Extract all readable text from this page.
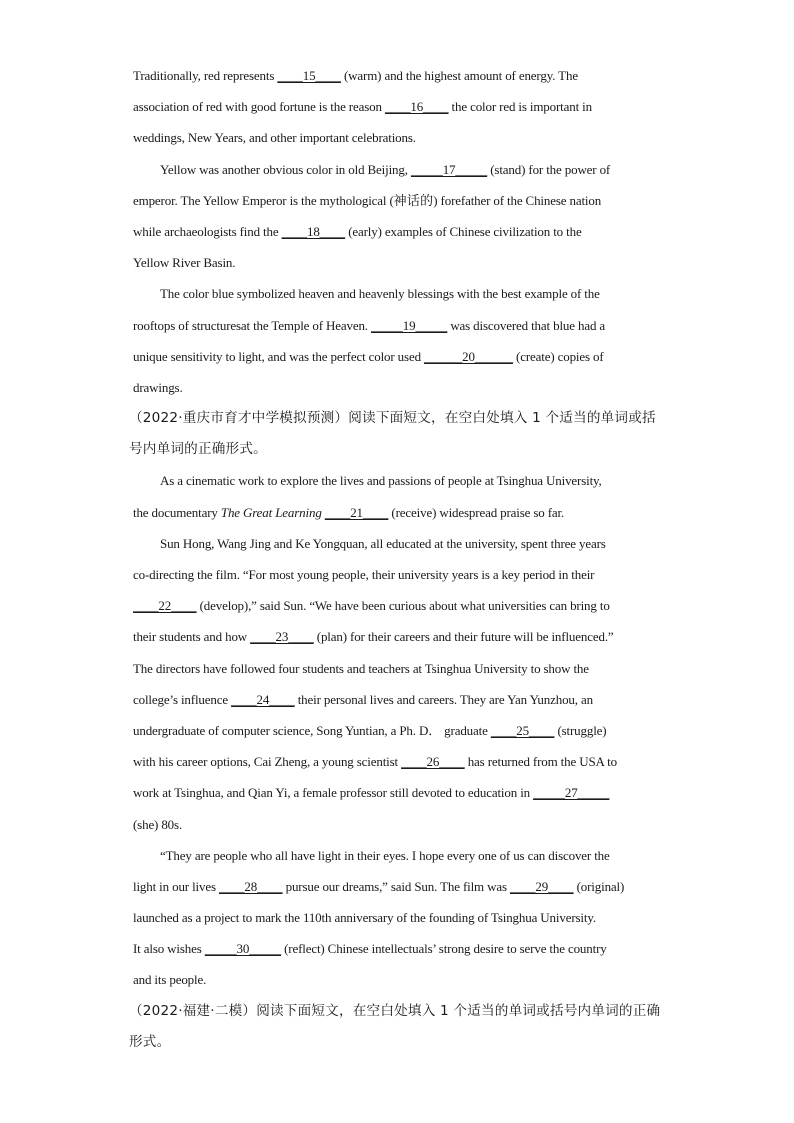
Traditionally, red represents ____15____ (warm) and the highest amount of energy. The
association of red with good fortune is the reason ____16____ the color red is important in
weddings, New Years, and other important celebrations.
Yellow was another obvious color in old Beijing, _____17_____ (stand) for the power of
emperor. The Yellow Emperor is the mythological (神话的) forefather of the Chinese nation
while archaeologists find the ____18____ (early) examples of Chinese civilization to the
Yellow River Basin.
The color blue symbolized heaven and heavenly blessings with the best example of the
rooftops of structuresat the Temple of Heaven. _____19_____ was discovered that blue had a
unique sensitivity to light, and was the perfect color used ______20______ (create) copies of
drawings.
（2022·重庆市育才中学模拟预测）阅读下面短文，在空白处填入 1 个适当的单词或括
号内单词的正确形式。
As a cinematic work to explore the lives and passions of people at Tsinghua University,
the documentary The Great Learning ____21____ (receive) widespread praise so far.
Sun Hong, Wang Jing and Ke Yongquan, all educated at the university, spent three years
co-directing the film. “For most young people, their university years is a key period in their
____22____ (develop),” said Sun. “We have been curious about what universities can bring to
their students and how ____23____ (plan) for their careers and their future will be influenced.”
The directors have followed four students and teachers at Tsinghua University to show the
college’s influence ____24____ their personal lives and careers. They are Yan Yunzhou, an
undergraduate of computer science, Song Yuntian, a Ph. D． graduate ____25____ (struggle)
with his career options, Cai Zheng, a young scientist ____26____ has returned from the USA to
work at Tsinghua, and Qian Yi, a female professor still devoted to education in _____27_____
(she) 80s.
“They are people who all have light in their eyes. I hope every one of us can discover the
light in our lives ____28____ pursue our dreams,” said Sun. The film was ____29____ (original)
launched as a project to mark the 110th anniversary of the founding of Tsinghua University.
It also wishes _____30_____ (reflect) Chinese intellectuals’ strong desire to serve the country
and its people.
（2022·福建·二模）阅读下面短文，在空白处填入 1 个适当的单词或括号内单词的正确
形式。
